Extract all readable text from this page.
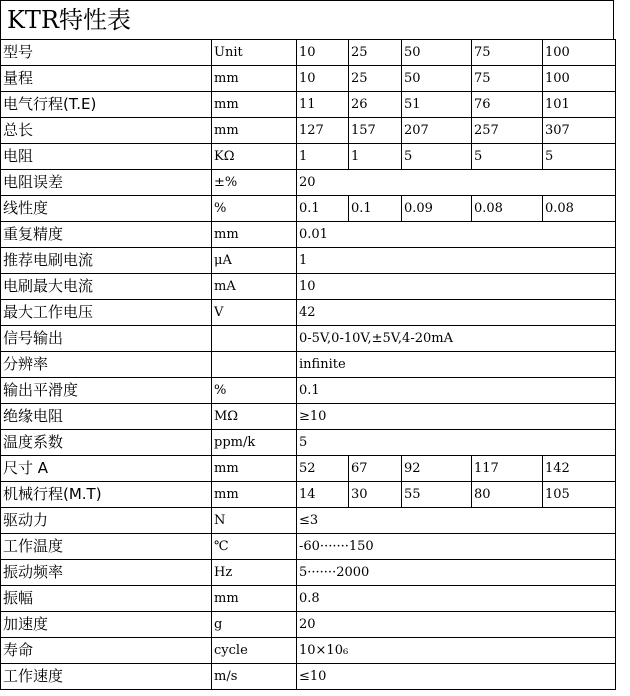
KTR特性表
型号	Unit	10	25	50	75	100
量程	mm	10	25	50	75	100
电气行程(T.E)	mm	11	26	51	76	101
总长	mm	127	157	207	257	307
电阻	KΩ	1	1	5	5	5
电阻误差	±%	20				
线性度	%	0.1	0.1	0.09	0.08	0.08
重复精度	mm	0.01				
推荐电刷电流	μA	1				
电刷最大电流	mA	10				
最大工作电压	V	42				
信号输出		0-5V,0-10V,±5V,4-20mA				
分辨率		infinite				
输出平滑度	%	0.1				
绝缘电阻	MΩ	≥10				
温度系数	ppm/k	5				
尺寸 A	mm	52	67	92	117	142
机械行程(M.T)	mm	14	30	55	80	105
驱动力	N	≤3				
工作温度	℃	-60·······150				
振动频率	Hz	5·······2000				
振幅	mm	0.8				
加速度	g	20				
寿命	cycle	10×10₆				
工作速度	m/s	≤10				
